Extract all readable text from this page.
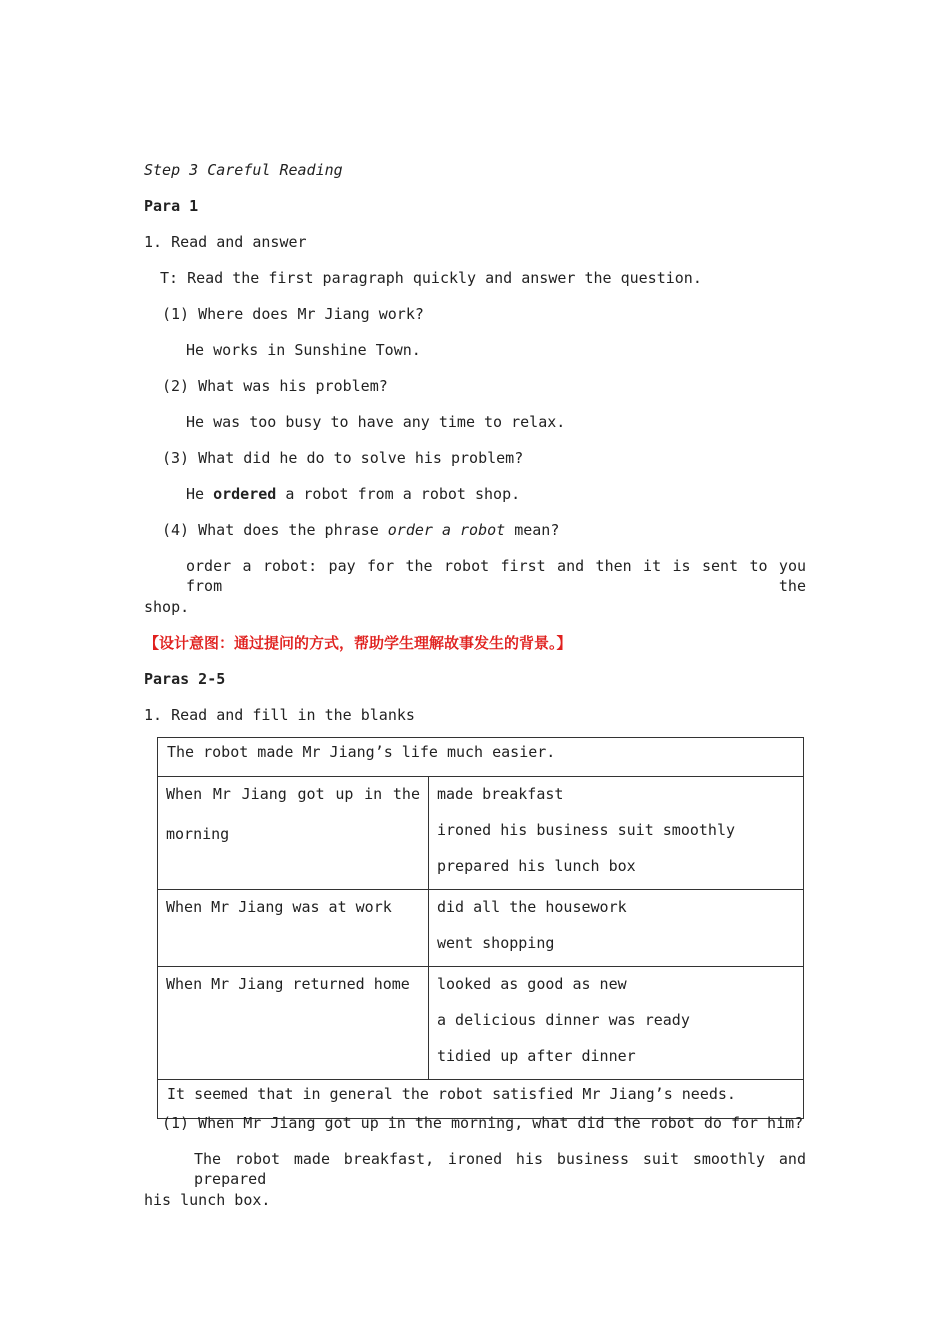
Step 3 Careful Reading
Para 1
1. Read and answer
T: Read the first paragraph quickly and answer the question.
(1) Where does Mr Jiang work?
He works in Sunshine Town.
(2) What was his problem?
He was too busy to have any time to relax.
(3) What did he do to solve his problem?
He ordered a robot from a robot shop.
(4) What does the phrase order a robot mean?
order a robot: pay for the robot first and then it is sent to you from the
shop.
【设计意图：通过提问的方式，帮助学生理解故事发生的背景。】
Paras 2-5
1. Read and fill in the blanks
The robot made Mr Jiang’s life much easier.	

When Mr Jiang got up in the
morning	made breakfast
ironed his business suit smoothly
prepared his lunch box

When Mr Jiang was at work	did all the housework
went shopping

When Mr Jiang returned home	looked as good as new
a delicious dinner was ready
tidied up after dinner

It seemed that in general the robot satisfied Mr Jiang’s needs.	
(1) When Mr Jiang got up in the morning, what did the robot do for him?
The robot made breakfast, ironed his business suit smoothly and prepared
his lunch box.
